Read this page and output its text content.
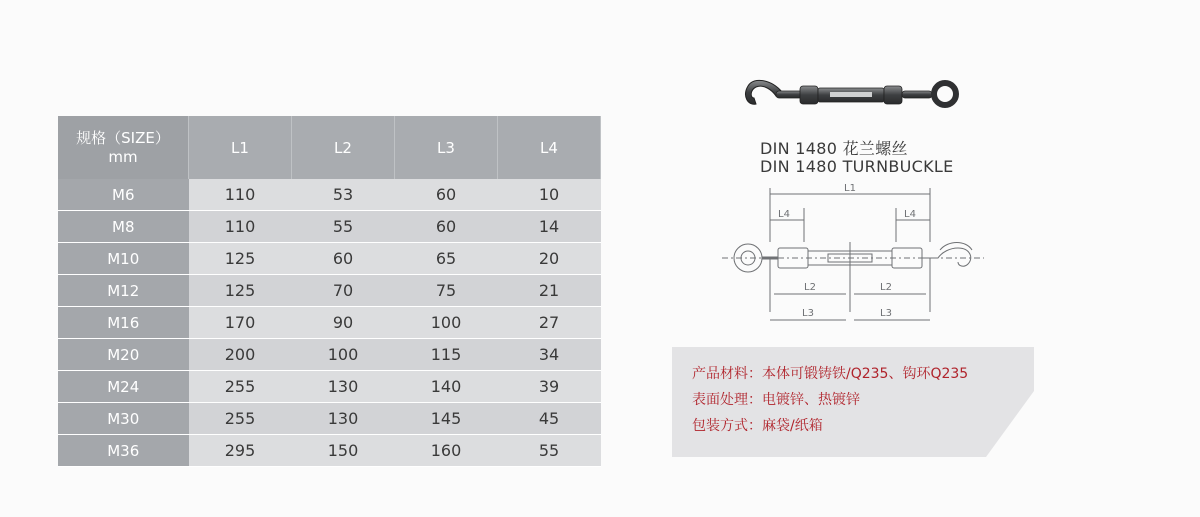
规格（SIZE）
mm	L1	L2	L3	L4
M6	110	53	60	10
M8	110	55	60	14
M10	125	60	65	20
M12	125	70	75	21
M16	170	90	100	27
M20	200	100	115	34
M24	255	130	140	39
M30	255	130	145	45
M36	295	150	160	55
DIN 1480 花兰螺丝
DIN 1480 TURNBUCKLE
L1
L4	L4
L2	L2
L3	L3
产品材料：本体可锻铸铁/Q235、钩环Q235
表面处理：电镀锌、热镀锌
包装方式：麻袋/纸箱
